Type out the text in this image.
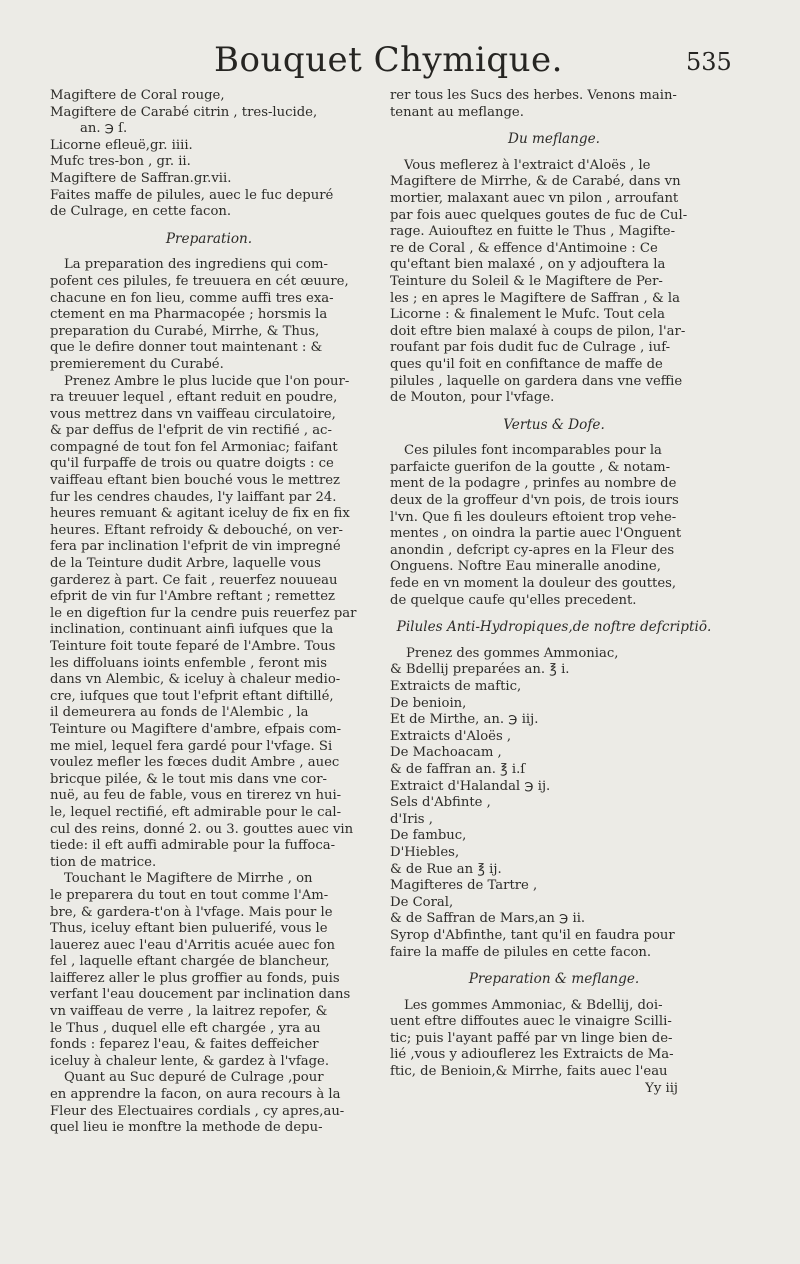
Bouquet Chymique.	535
Magiftere de Coral rouge,
Magiftere de Carabé citrin , tres-lucide,
an. ℈ ſ.
Licorne efleuë,gr. iiii.
Mufc tres-bon , gr. ii.
Magiftere de Saffran.gr.vii.
Faites maffe de pilules, auec le fuc depuré
de Culrage, en cette facon.
Preparation.
La preparation des ingrediens qui com-
pofent ces pilules, fe treuuera en cét œuure,
chacune en fon lieu, comme auffi tres exa-
ctement en ma Pharmacopée ; horsmis la
preparation du Curabé, Mirrhe, & Thus,
que le defire donner tout maintenant : &
premierement du Curabé.
Prenez Ambre le plus lucide que l'on pour-
ra treuuer lequel , eftant reduit en poudre,
vous mettrez dans vn vaiffeau circulatoire,
& par deffus de l'efprit de vin rectifié , ac-
compagné de tout fon fel Armoniac; faifant
qu'il furpaffe de trois ou quatre doigts : ce
vaiffeau eftant bien bouché vous le mettrez
fur les cendres chaudes, l'y laiffant par 24.
heures remuant & agitant iceluy de fix en fix
heures. Eftant refroidy & debouché, on ver-
fera par inclination l'efprit de vin impregné
de la Teinture dudit Arbre, laquelle vous
garderez à part. Ce fait , reuerfez nouueau
efprit de vin fur l'Ambre reftant ; remettez
le en digeftion fur la cendre puis reuerfez par
inclination, continuant ainfi iufques que la
Teinture foit toute feparé de l'Ambre. Tous
les diffoluans ioints enfemble , feront mis
dans vn Alembic, & iceluy à chaleur medio-
cre, iufques que tout l'efprit eftant diftillé,
il demeurera au fonds de l'Alembic , la
Teinture ou Magiftere d'ambre, efpais com-
me miel, lequel fera gardé pour l'vfage. Si
voulez mefler les fœces dudit Ambre , auec
bricque pilée, & le tout mis dans vne cor-
nuë, au feu de fable, vous en tirerez vn hui-
le, lequel rectifié, eft admirable pour le cal-
cul des reins, donné 2. ou 3. gouttes auec vin
tiede: il eft auffi admirable pour la fuffoca-
tion de matrice.
Touchant le Magiftere de Mirrhe , on
le preparera du tout en tout comme l'Am-
bre, & gardera-t'on à l'vfage. Mais pour le
Thus, iceluy eftant bien puluerifé, vous le
lauerez auec l'eau d'Arritis acuée auec fon
fel , laquelle eftant chargée de blancheur,
laifferez aller le plus groffier au fonds, puis
verfant l'eau doucement par inclination dans
vn vaiffeau de verre , la laitrez repofer, &
le Thus , duquel elle eft chargée , yra au
fonds : feparez l'eau, & faites deffeicher
iceluy à chaleur lente, & gardez à l'vfage.
Quant au Suc depuré de Culrage ,pour
en apprendre la facon, on aura recours à la
Fleur des Electuaires cordials , cy apres,au-
quel lieu ie monftre la methode de depu-
rer tous les Sucs des herbes. Venons main-
tenant au meflange.
Du meflange.
Vous meflerez à l'extraict d'Aloës , le
Magiftere de Mirrhe, & de Carabé, dans vn
mortier, malaxant auec vn pilon , arroufant
par fois auec quelques goutes de fuc de Cul-
rage. Auiouftez en fuitte le Thus , Magifte-
re de Coral , & effence d'Antimoine : Ce
qu'eftant bien malaxé , on y adjouftera la
Teinture du Soleil & le Magiftere de Per-
les ; en apres le Magiftere de Saffran , & la
Licorne : & finalement le Mufc. Tout cela
doit eftre bien malaxé à coups de pilon, l'ar-
roufant par fois dudit fuc de Culrage , iuf-
ques qu'il foit en confiftance de maffe de
pilules , laquelle on gardera dans vne veffie
de Mouton, pour l'vfage.
Vertus & Dofe.
Ces pilules font incomparables pour la
parfaicte guerifon de la goutte , & notam-
ment de la podagre , prinfes au nombre de
deux de la groffeur d'vn pois, de trois iours
l'vn. Que fi les douleurs eftoient trop vehe-
mentes , on oindra la partie auec l'Onguent
anondin , defcript cy-apres en la Fleur des
Onguens. Noftre Eau mineralle anodine,
fede en vn moment la douleur des gouttes,
de quelque caufe qu'elles precedent.
Pilules Anti-Hydropiques,de noftre defcriptiō.
Prenez des gommes Ammoniac,
& Bdellij preparées an. ℥ i.
Extraicts de maftic,
De benioin,
Et de Mirthe, an. ℈ iij.
Extraicts d'Aloës ,
De Machoacam ,
& de faffran an. ℥ i.ſ
Extraict d'Halandal ℈ ij.
Sels d'Abfinte ,
d'Iris ,
De fambuc,
D'Hiebles,
& de Rue an ℥ ij.
Magifteres de Tartre ,
De Coral,
& de Saffran de Mars,an ℈ ii.
Syrop d'Abfinthe, tant qu'il en faudra pour
faire la maffe de pilules en cette facon.
Preparation & meflange.
Les gommes Ammoniac, & Bdellij, doi-
uent eftre diffoutes auec le vinaigre Scilli-
tic; puis l'ayant paffé par vn linge bien de-
lié ,vous y adiouflerez les Extraicts de Ma-
ftic, de Benioin,& Mirrhe, faits auec l'eau
Yy iij
